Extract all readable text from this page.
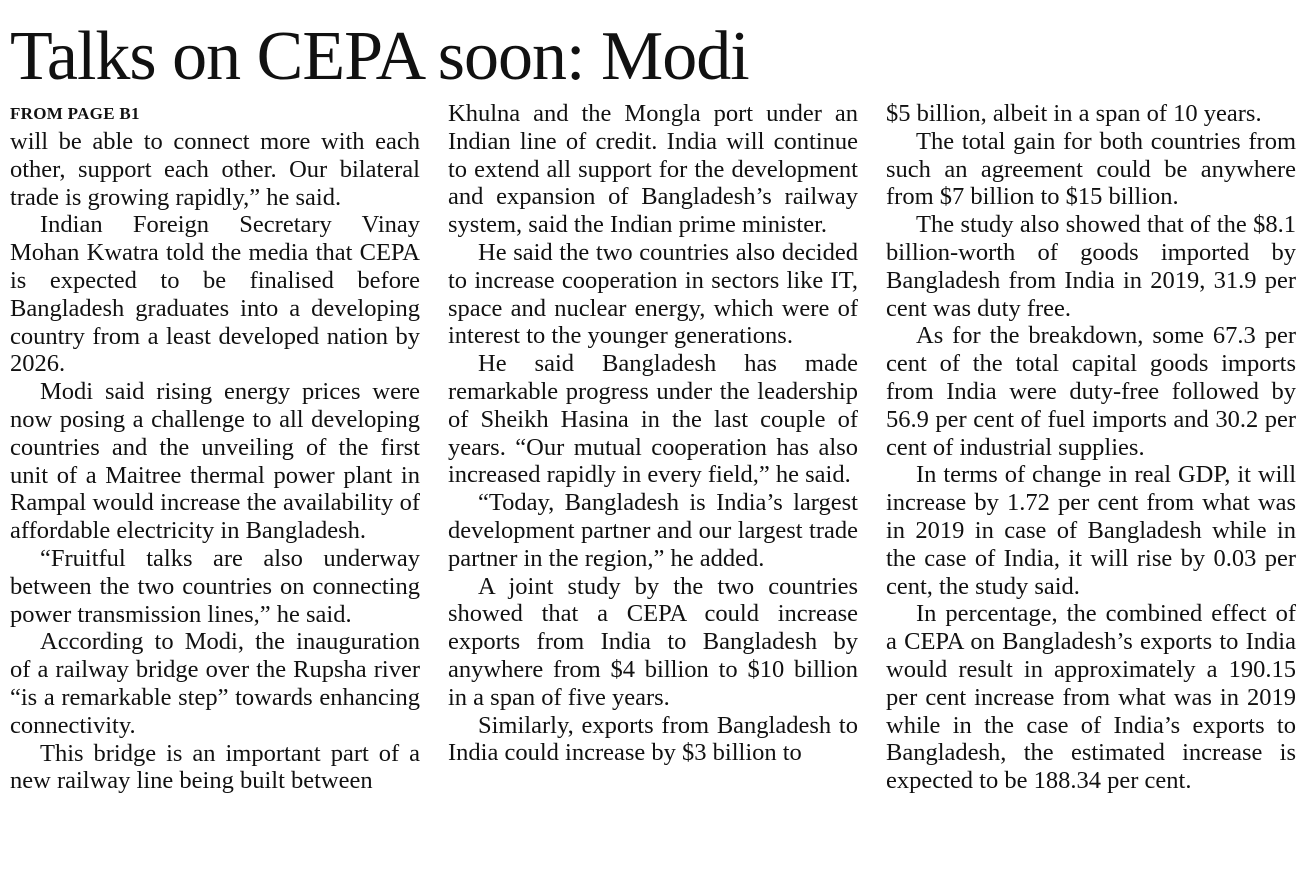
Talks on CEPA soon: Modi
FROM PAGE B1

will be able to connect more with each other, support each other. Our bilateral trade is growing rapidly,” he said.

Indian Foreign Secretary Vinay Mohan Kwatra told the media that CEPA is expected to be finalised before Bangladesh graduates into a developing country from a least developed nation by 2026.

Modi said rising energy prices were now posing a challenge to all developing countries and the unveiling of the first unit of a Maitree thermal power plant in Rampal would increase the availability of affordable electricity in Bangladesh.

“Fruitful talks are also underway between the two countries on connecting power transmission lines,” he said.

According to Modi, the inauguration of a railway bridge over the Rupsha river “is a remarkable step” towards enhancing connectivity.

This bridge is an important part of a new railway line being built between

Khulna and the Mongla port under an Indian line of credit. India will continue to extend all support for the development and expansion of Bangladesh’s railway system, said the Indian prime minister.

He said the two countries also decided to increase cooperation in sectors like IT, space and nuclear energy, which were of interest to the younger generations.

He said Bangladesh has made remarkable progress under the leadership of Sheikh Hasina in the last couple of years. “Our mutual cooperation has also increased rapidly in every field,” he said.

“Today, Bangladesh is India’s largest development partner and our largest trade partner in the region,” he added.

A joint study by the two countries showed that a CEPA could increase exports from India to Bangladesh by anywhere from $4 billion to $10 billion in a span of five years.

Similarly, exports from Bangladesh to India could increase by $3 billion to

$5 billion, albeit in a span of 10 years.

The total gain for both countries from such an agreement could be anywhere from $7 billion to $15 billion.

The study also showed that of the $8.1 billion-worth of goods imported by Bangladesh from India in 2019, 31.9 per cent was duty free.

As for the breakdown, some 67.3 per cent of the total capital goods imports from India were duty-free followed by 56.9 per cent of fuel imports and 30.2 per cent of industrial supplies.

In terms of change in real GDP, it will increase by 1.72 per cent from what was in 2019 in case of Bangladesh while in the case of India, it will rise by 0.03 per cent, the study said.

In percentage, the combined effect of a CEPA on Bangladesh’s exports to India would result in approximately a 190.15 per cent increase from what was in 2019 while in the case of India’s exports to Bangladesh, the estimated increase is expected to be 188.34 per cent.
